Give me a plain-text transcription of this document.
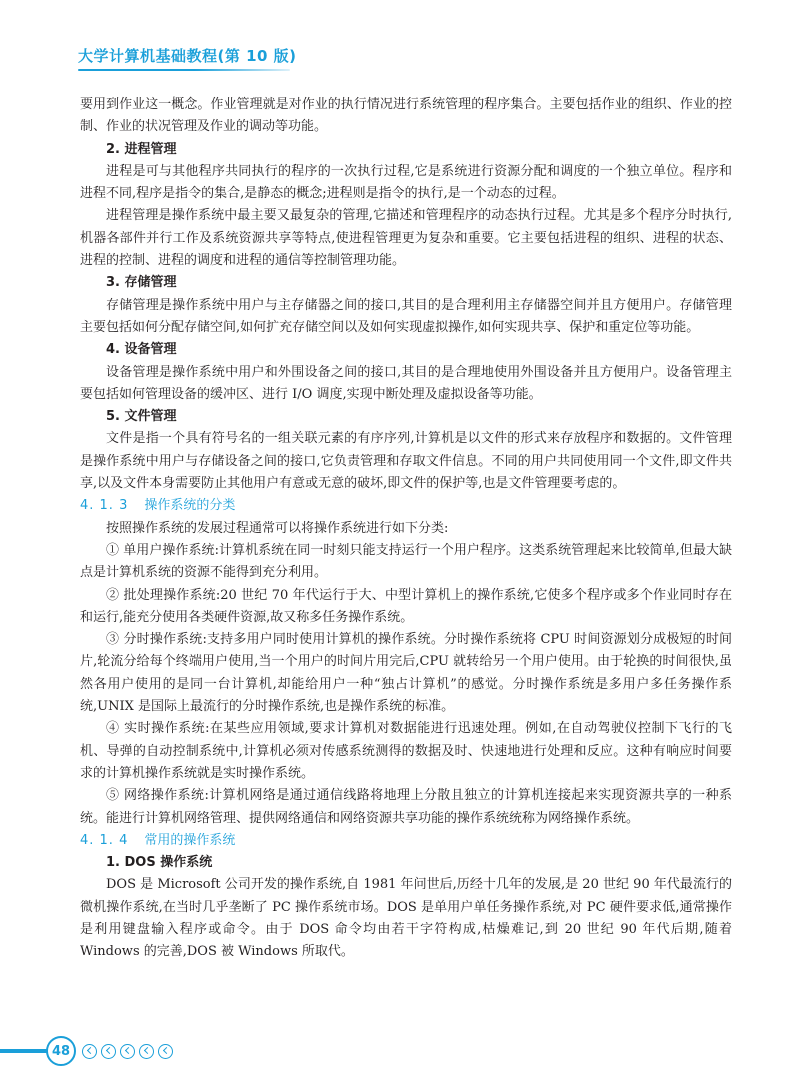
大学计算机基础教程(第 10 版)

要用到作业这一概念。作业管理就是对作业的执行情况进行系统管理的程序集合。主要包括作业的组织、作业的控制、作业的状况管理及作业的调动等功能。

2. 进程管理

进程是可与其他程序共同执行的程序的一次执行过程,它是系统进行资源分配和调度的一个独立单位。程序和进程不同,程序是指令的集合,是静态的概念;进程则是指令的执行,是一个动态的过程。

进程管理是操作系统中最主要又最复杂的管理,它描述和管理程序的动态执行过程。尤其是多个程序分时执行,机器各部件并行工作及系统资源共享等特点,使进程管理更为复杂和重要。它主要包括进程的组织、进程的状态、进程的控制、进程的调度和进程的通信等控制管理功能。

3. 存储管理

存储管理是操作系统中用户与主存储器之间的接口,其目的是合理利用主存储器空间并且方便用户。存储管理主要包括如何分配存储空间,如何扩充存储空间以及如何实现虚拟操作,如何实现共享、保护和重定位等功能。

4. 设备管理

设备管理是操作系统中用户和外围设备之间的接口,其目的是合理地使用外围设备并且方便用户。设备管理主要包括如何管理设备的缓冲区、进行 I/O 调度,实现中断处理及虚拟设备等功能。

5. 文件管理

文件是指一个具有符号名的一组关联元素的有序序列,计算机是以文件的形式来存放程序和数据的。文件管理是操作系统中用户与存储设备之间的接口,它负责管理和存取文件信息。不同的用户共同使用同一个文件,即文件共享,以及文件本身需要防止其他用户有意或无意的破坏,即文件的保护等,也是文件管理要考虑的。

4. 1. 3 操作系统的分类

按照操作系统的发展过程通常可以将操作系统进行如下分类:

① 单用户操作系统:计算机系统在同一时刻只能支持运行一个用户程序。这类系统管理起来比较简单,但最大缺点是计算机系统的资源不能得到充分利用。

② 批处理操作系统:20 世纪 70 年代运行于大、中型计算机上的操作系统,它使多个程序或多个作业同时存在和运行,能充分使用各类硬件资源,故又称多任务操作系统。

③ 分时操作系统:支持多用户同时使用计算机的操作系统。分时操作系统将 CPU 时间资源划分成极短的时间片,轮流分给每个终端用户使用,当一个用户的时间片用完后,CPU 就转给另一个用户使用。由于轮换的时间很快,虽然各用户使用的是同一台计算机,却能给用户一种“独占计算机”的感觉。分时操作系统是多用户多任务操作系统,UNIX 是国际上最流行的分时操作系统,也是操作系统的标准。

④ 实时操作系统:在某些应用领域,要求计算机对数据能进行迅速处理。例如,在自动驾驶仪控制下飞行的飞机、导弹的自动控制系统中,计算机必须对传感系统测得的数据及时、快速地进行处理和反应。这种有响应时间要求的计算机操作系统就是实时操作系统。

⑤ 网络操作系统:计算机网络是通过通信线路将地理上分散且独立的计算机连接起来实现资源共享的一种系统。能进行计算机网络管理、提供网络通信和网络资源共享功能的操作系统统称为网络操作系统。

4. 1. 4 常用的操作系统
1. DOS 操作系统

DOS 是 Microsoft 公司开发的操作系统,自 1981 年问世后,历经十几年的发展,是 20 世纪 90 年代最流行的微机操作系统,在当时几乎垄断了 PC 操作系统市场。DOS 是单用户单任务操作系统,对 PC 硬件要求低,通常操作是利用键盘输入程序或命令。由于 DOS 命令均由若干字符构成,枯燥难记,到 20 世纪 90 年代后期,随着 Windows 的完善,DOS 被 Windows 所取代。

48
